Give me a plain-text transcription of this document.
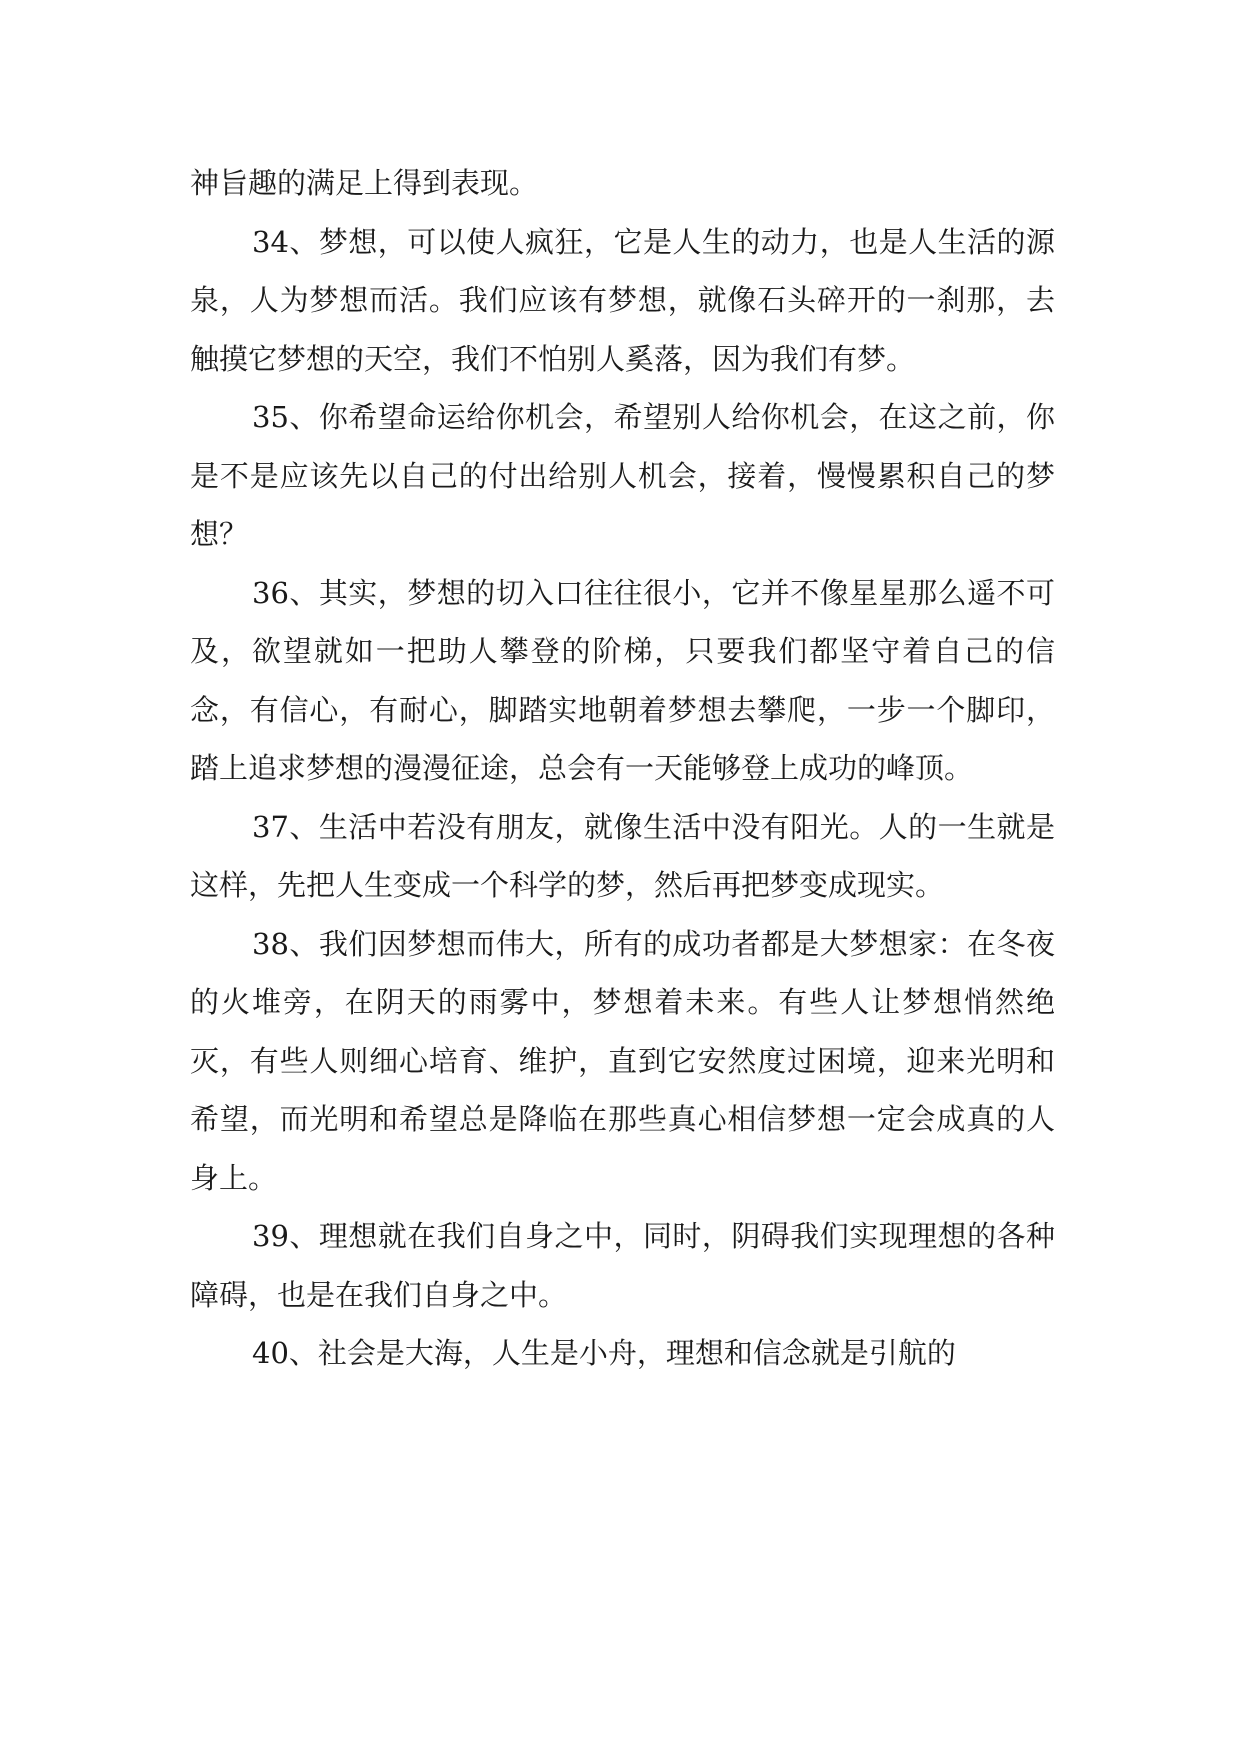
神旨趣的满足上得到表现。

34、梦想，可以使人疯狂，它是人生的动力，也是人生活的源泉，人为梦想而活。我们应该有梦想，就像石头碎开的一刹那，去触摸它梦想的天空，我们不怕别人奚落，因为我们有梦。

35、你希望命运给你机会，希望别人给你机会，在这之前，你是不是应该先以自己的付出给别人机会，接着，慢慢累积自己的梦想？

36、其实，梦想的切入口往往很小，它并不像星星那么遥不可及，欲望就如一把助人攀登的阶梯，只要我们都坚守着自己的信念，有信心，有耐心，脚踏实地朝着梦想去攀爬，一步一个脚印，踏上追求梦想的漫漫征途，总会有一天能够登上成功的峰顶。

37、生活中若没有朋友，就像生活中没有阳光。人的一生就是这样，先把人生变成一个科学的梦，然后再把梦变成现实。

38、我们因梦想而伟大，所有的成功者都是大梦想家：在冬夜的火堆旁，在阴天的雨雾中，梦想着未来。有些人让梦想悄然绝灭，有些人则细心培育、维护，直到它安然度过困境，迎来光明和希望，而光明和希望总是降临在那些真心相信梦想一定会成真的人身上。

39、理想就在我们自身之中，同时，阴碍我们实现理想的各种障碍，也是在我们自身之中。

40、社会是大海，人生是小舟，理想和信念就是引航的
